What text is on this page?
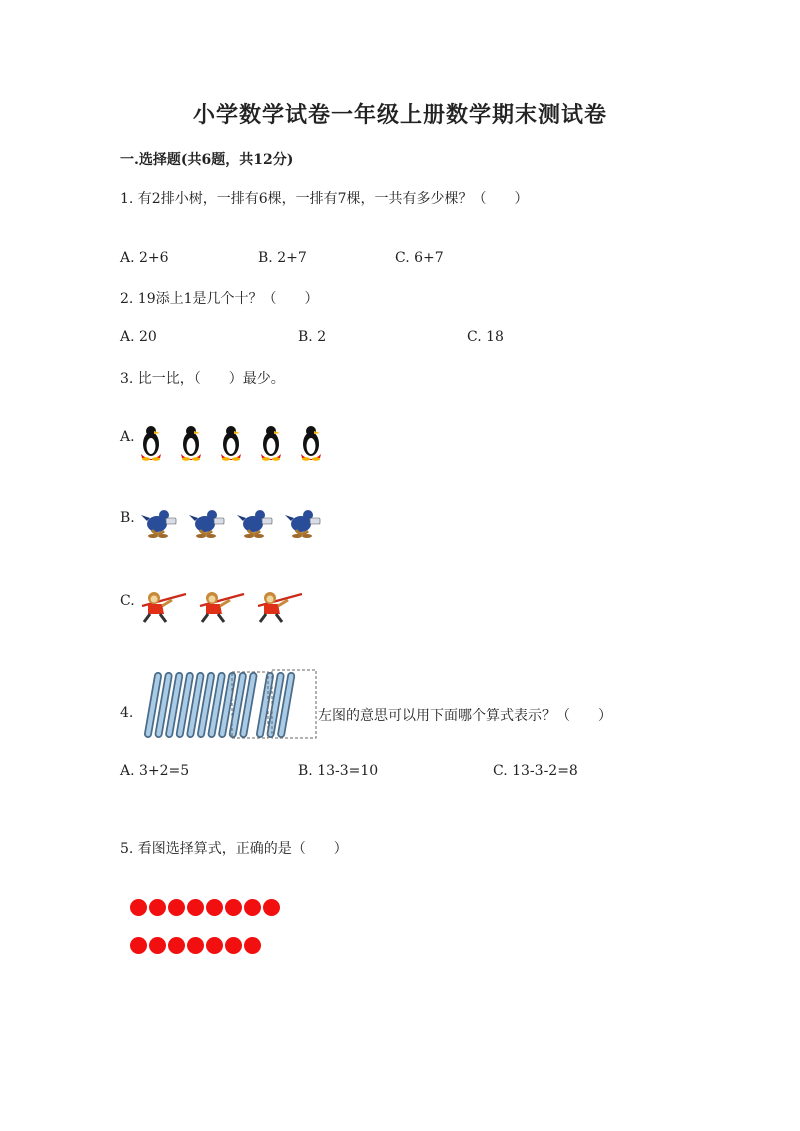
小学数学试卷一年级上册数学期末测试卷
一.选择题(共6题，共12分)
1. 有2排小树，一排有6棵，一排有7棵，一共有多少棵？（　　）
A. 2+6	B. 2+7	C. 6+7
2. 19添上1是几个十？（　　）
A. 20	B. 2	C. 18
3. 比一比，（　　）最少。
A.
B.
C.
4.	左图的意思可以用下面哪个算式表示？（　　）
A. 3+2=5	B. 13-3=10	C. 13-3-2=8
5. 看图选择算式，正确的是（　　）
